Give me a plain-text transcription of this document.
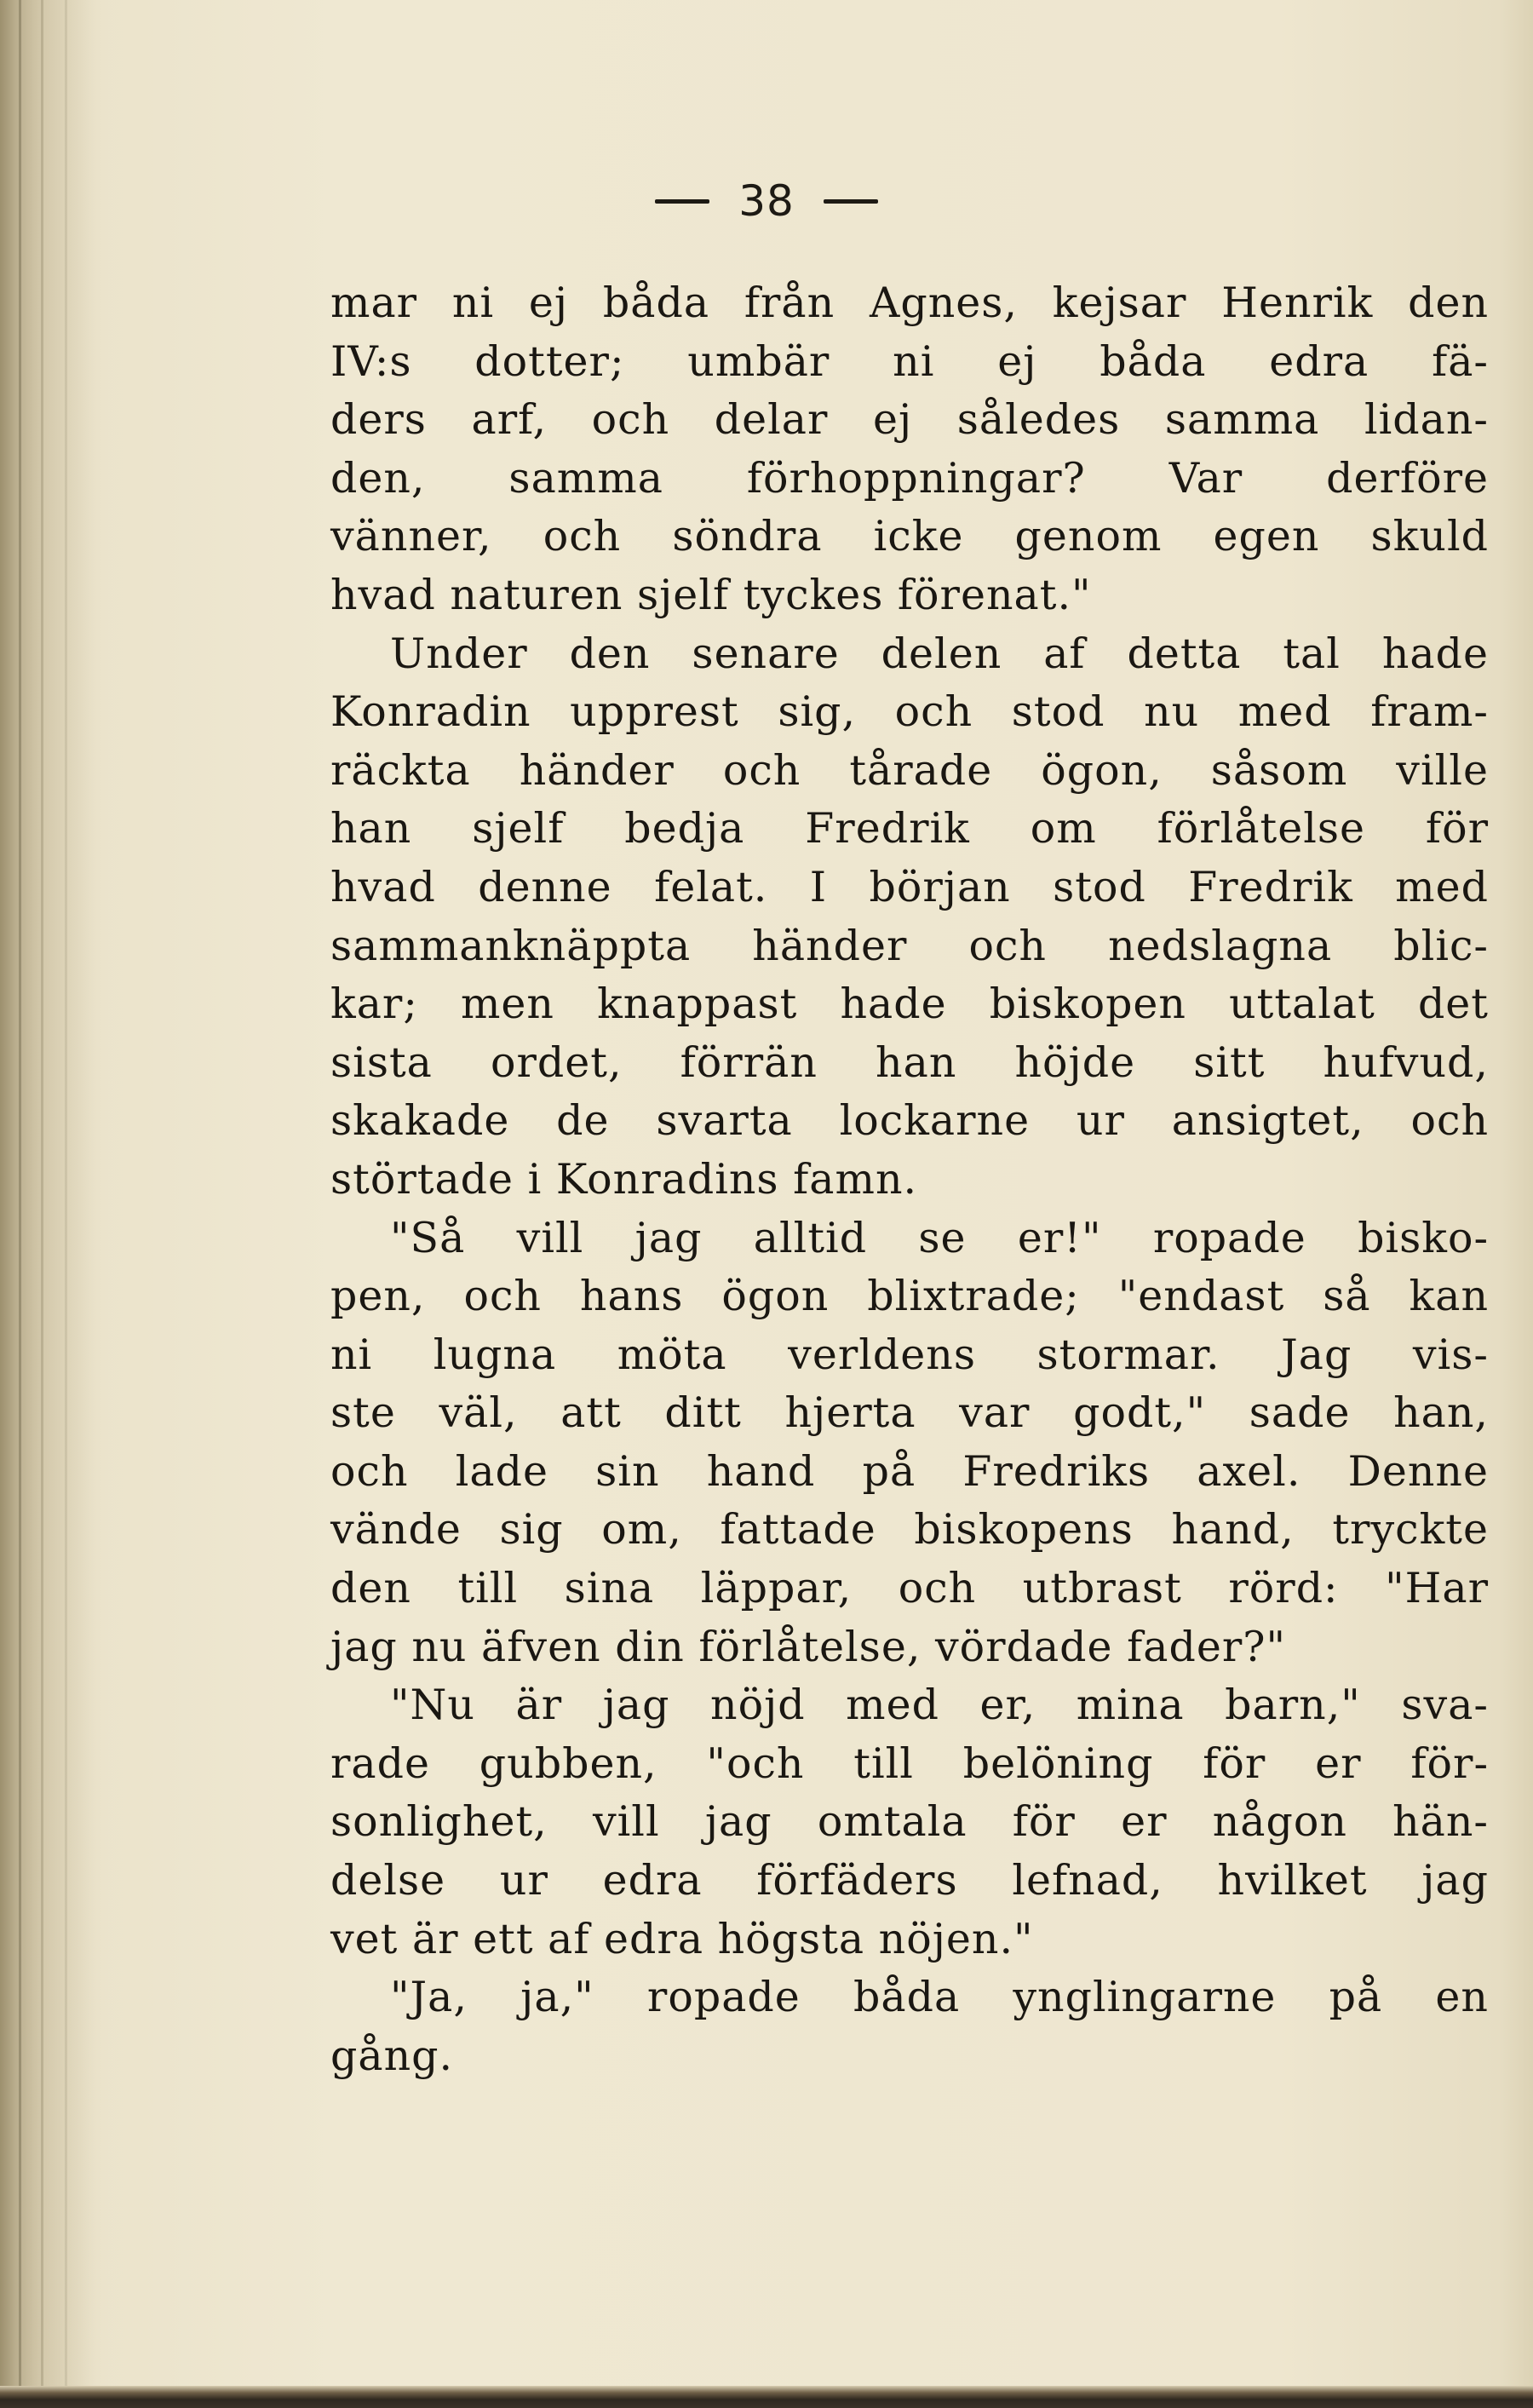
38
mar ni ej båda från Agnes, kejsar Henrik den
IV:s dotter; umbär ni ej båda edra fä-
ders arf, och delar ej således samma lidan-
den, samma förhoppningar? Var derföre
vänner, och söndra icke genom egen skuld
hvad naturen sjelf tyckes förenat."
Under den senare delen af detta tal hade
Konradin upprest sig, och stod nu med fram-
räckta händer och tårade ögon, såsom ville
han sjelf bedja Fredrik om förlåtelse för
hvad denne felat. I början stod Fredrik med
sammanknäppta händer och nedslagna blic-
kar; men knappast hade biskopen uttalat det
sista ordet, förrän han höjde sitt hufvud,
skakade de svarta lockarne ur ansigtet, och
störtade i Konradins famn.
"Så vill jag alltid se er!" ropade bisko-
pen, och hans ögon blixtrade; "endast så kan
ni lugna möta verldens stormar. Jag vis-
ste väl, att ditt hjerta var godt," sade han,
och lade sin hand på Fredriks axel. Denne
vände sig om, fattade biskopens hand, tryckte
den till sina läppar, och utbrast rörd: "Har
jag nu äfven din förlåtelse, vördade fader?"
"Nu är jag nöjd med er, mina barn," sva-
rade gubben, "och till belöning för er för-
sonlighet, vill jag omtala för er någon hän-
delse ur edra förfäders lefnad, hvilket jag
vet är ett af edra högsta nöjen."
"Ja, ja," ropade båda ynglingarne på en
gång.
